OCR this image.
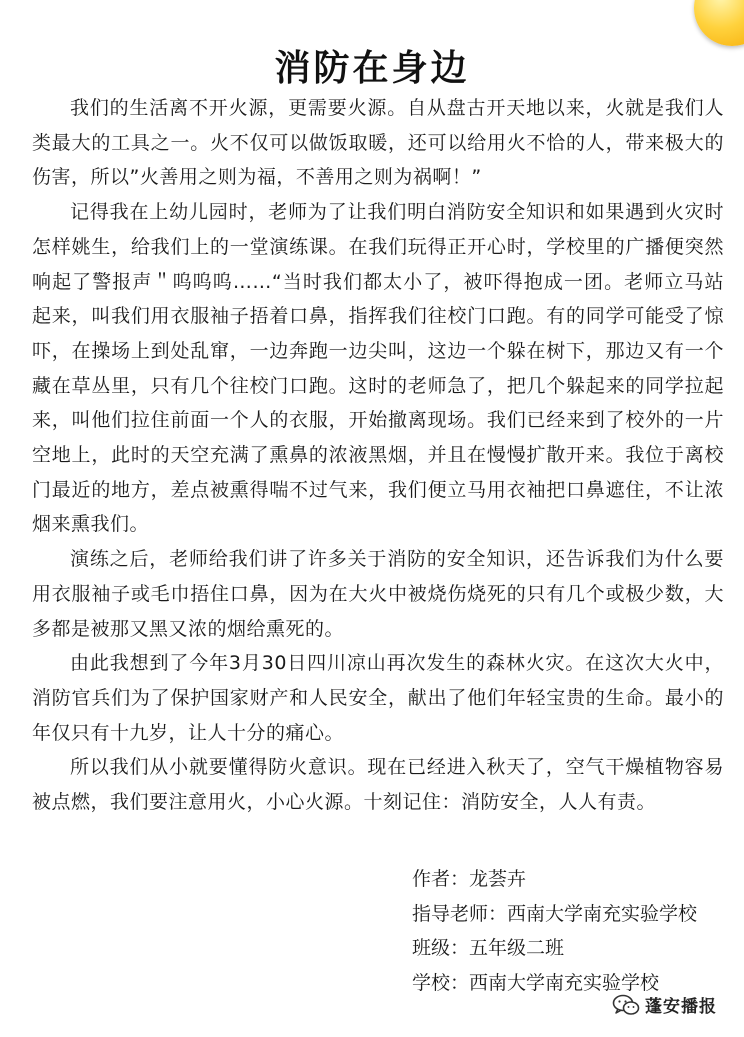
消防在身边

我们的生活离不开火源，更需要火源。自从盘古开天地以来，火就是我们人类最大的工具之一。火不仅可以做饭取暖，还可以给用火不恰的人，带来极大的伤害，所以”火善用之则为福，不善用之则为祸啊！”

记得我在上幼儿园时，老师为了让我们明白消防安全知识和如果遇到火灾时怎样姚生，给我们上的一堂演练课。在我们玩得正开心时，学校里的广播便突然响起了警报声＂呜呜呜……“当时我们都太小了，被吓得抱成一团。老师立马站起来，叫我们用衣服袖子捂着口鼻，指挥我们往校门口跑。有的同学可能受了惊吓，在操场上到处乱窜，一边奔跑一边尖叫，这边一个躲在树下，那边又有一个藏在草丛里，只有几个往校门口跑。这时的老师急了，把几个躲起来的同学拉起来，叫他们拉住前面一个人的衣服，开始撤离现场。我们已经来到了校外的一片空地上，此时的天空充满了熏鼻的浓液黑烟，并且在慢慢扩散开来。我位于离校门最近的地方，差点被熏得喘不过气来，我们便立马用衣袖把口鼻遮住，不让浓烟来熏我们。

演练之后，老师给我们讲了许多关于消防的安全知识，还告诉我们为什么要用衣服袖子或毛巾捂住口鼻，因为在大火中被烧伤烧死的只有几个或极少数，大多都是被那又黑又浓的烟给熏死的。

由此我想到了今年3月30日四川凉山再次发生的森林火灾。在这次大火中，消防官兵们为了保护国家财产和人民安全，献出了他们年轻宝贵的生命。最小的年仅只有十九岁，让人十分的痛心。

所以我们从小就要懂得防火意识。现在已经进入秋天了，空气干燥植物容易被点燃，我们要注意用火，小心火源。十刻记住：消防安全，人人有责。

作者：龙荟卉
指导老师：西南大学南充实验学校
班级：五年级二班
学校：西南大学南充实验学校
蓬安播报
